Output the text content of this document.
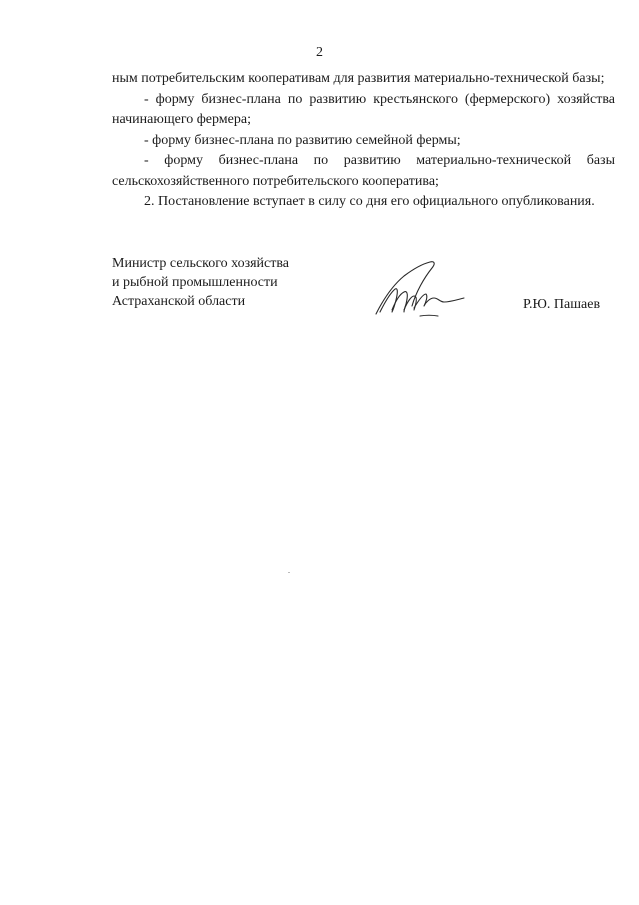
2

ным потребительским кооперативам для развития материально-технической базы;

- форму бизнес-плана по развитию крестьянского (фермерского) хозяйства начинающего фермера;

- форму бизнес-плана по развитию семейной фермы;

- форму бизнес-плана по развитию материально-технической базы сельскохозяйственного потребительского кооператива;

2. Постановление вступает в силу со дня его официального опубликования.

Министр сельского хозяйства
и рыбной промышленности
Астраханской области	Р.Ю. Пашаев
